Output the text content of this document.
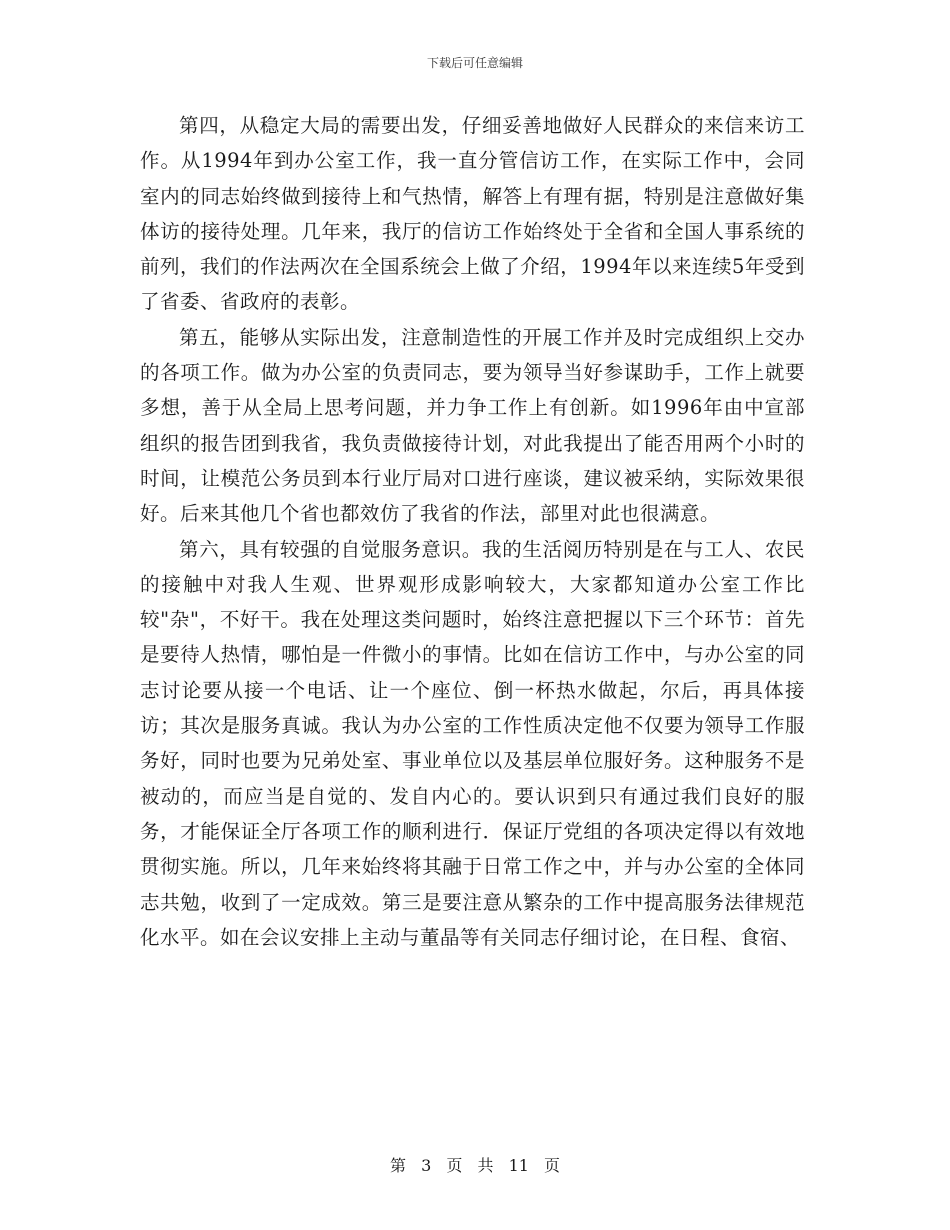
下载后可任意编辑

第四，从稳定大局的需要出发，仔细妥善地做好人民群众的来信来访工作。从1994年到办公室工作，我一直分管信访工作，在实际工作中，会同室内的同志始终做到接待上和气热情，解答上有理有据，特别是注意做好集体访的接待处理。几年来，我厅的信访工作始终处于全省和全国人事系统的前列，我们的作法两次在全国系统会上做了介绍，1994年以来连续5年受到了省委、省政府的表彰。

第五，能够从实际出发，注意制造性的开展工作并及时完成组织上交办的各项工作。做为办公室的负责同志，要为领导当好参谋助手，工作上就要多想，善于从全局上思考问题，并力争工作上有创新。如1996年由中宣部组织的报告团到我省，我负责做接待计划，对此我提出了能否用两个小时的时间，让模范公务员到本行业厅局对口进行座谈，建议被采纳，实际效果很好。后来其他几个省也都效仿了我省的作法，部里对此也很满意。

第六，具有较强的自觉服务意识。我的生活阅历特别是在与工人、农民的接触中对我人生观、世界观形成影响较大，大家都知道办公室工作比较"杂"，不好干。我在处理这类问题时，始终注意把握以下三个环节：首先是要待人热情，哪怕是一件微小的事情。比如在信访工作中，与办公室的同志讨论要从接一个电话、让一个座位、倒一杯热水做起，尔后，再具体接访；其次是服务真诚。我认为办公室的工作性质决定他不仅要为领导工作服务好，同时也要为兄弟处室、事业单位以及基层单位服好务。这种服务不是被动的，而应当是自觉的、发自内心的。要认识到只有通过我们良好的服务，才能保证全厅各项工作的顺利进行．保证厅党组的各项决定得以有效地贯彻实施。所以，几年来始终将其融于日常工作之中，并与办公室的全体同志共勉，收到了一定成效。第三是要注意从繁杂的工作中提高服务法律规范化水平。如在会议安排上主动与董晶等有关同志仔细讨论，在日程、食宿、

第 3 页 共 11 页
